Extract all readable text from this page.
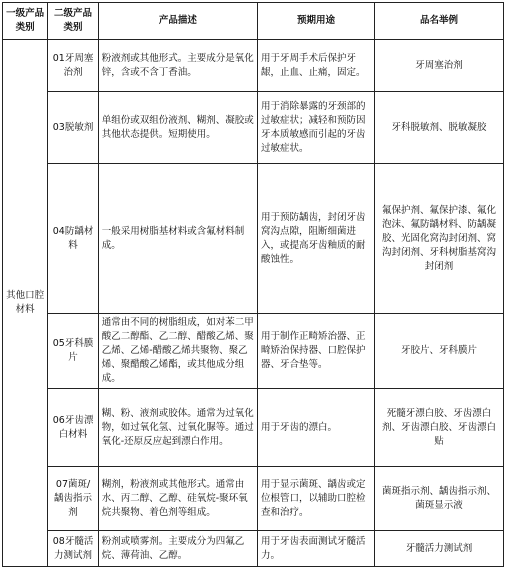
一级产品类别	二级产品类别	产品描述	预期用途	品名举例
其他口腔材料	01牙周塞治剂	粉液剂或其他形式。主要成分是氧化锌，含或不含丁香油。	用于牙周手术后保护牙龈，止血、止痛，固定。	牙周塞治剂
	03脱敏剂	单组份或双组份液剂、糊剂、凝胶或其他状态提供。短期使用。	用于消除暴露的牙颈部的过敏症状；减轻和预防因牙本质敏感而引起的牙齿过敏症状。	牙科脱敏剂、脱敏凝胶
	04防龋材料	一般采用树脂基材料或含氟材料制成。	用于预防龋齿，封闭牙齿窝沟点隙，阻断细菌进入，或提高牙齿釉质的耐酸蚀性。	氟保护剂、氟保护漆、氟化泡沫、氟防龋材料、防龋凝胶、光固化窝沟封闭剂、窝沟封闭剂、牙科树脂基窝沟封闭剂
	05牙科膜片	通常由不同的树脂组成，如对苯二甲酸乙二醇酯、乙二醇、醋酸乙烯、聚乙烯、乙烯-醋酸乙烯共聚物、聚乙烯、聚醋酸乙烯酯，或其他成分组成。	用于制作正畸矫治器、正畸矫治保持器、口腔保护器、牙合垫等。	牙胶片、牙科膜片
	06牙齿漂白材料	糊、粉、液剂或胶体。通常为过氧化物，如过氧化氢、过氧化脲等。通过氧化-还原反应起到漂白作用。	用于牙齿的漂白。	死髓牙漂白胶、牙齿漂白剂、牙齿漂白胶、牙齿漂白贴
	07菌斑/龋齿指示剂	糊剂，粉液剂或其他形式。通常由水、丙二醇、乙醇、硅氧烷-聚环氧烷共聚物、着色剂等组成。	用于显示菌斑、龋齿或定位根管口，以辅助口腔检查和治疗。	菌斑指示剂、龋齿指示剂、菌斑显示液
	08牙髓活力测试剂	粉剂或喷雾剂。主要成分为四氟乙烷、薄荷油、乙醇。	用于牙齿表面测试牙髓活力。	牙髓活力测试剂
